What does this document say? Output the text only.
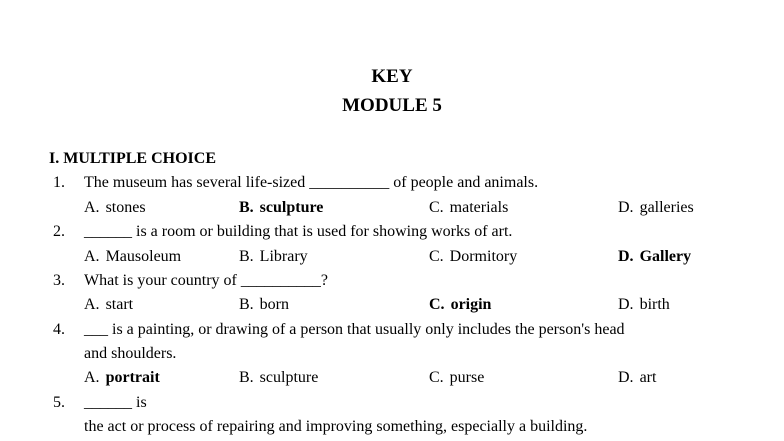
KEY
MODULE 5
I. MULTIPLE CHOICE
1. The museum has several life-sized __________ of people and animals.
A. stones	B. sculpture	C. materials	D. galleries
2. ______ is a room or building that is used for showing works of art.
A. Mausoleum	B. Library	C. Dormitory	D. Gallery
3. What is your country of __________?
A. start	B. born	C. origin	D. birth
4. ___ is a painting, or drawing of a person that usually only includes the person's head
and shoulders.
A. portrait	B. sculpture	C. purse	D. art
5. ______ is
the act or process of repairing and improving something, especially a building.
